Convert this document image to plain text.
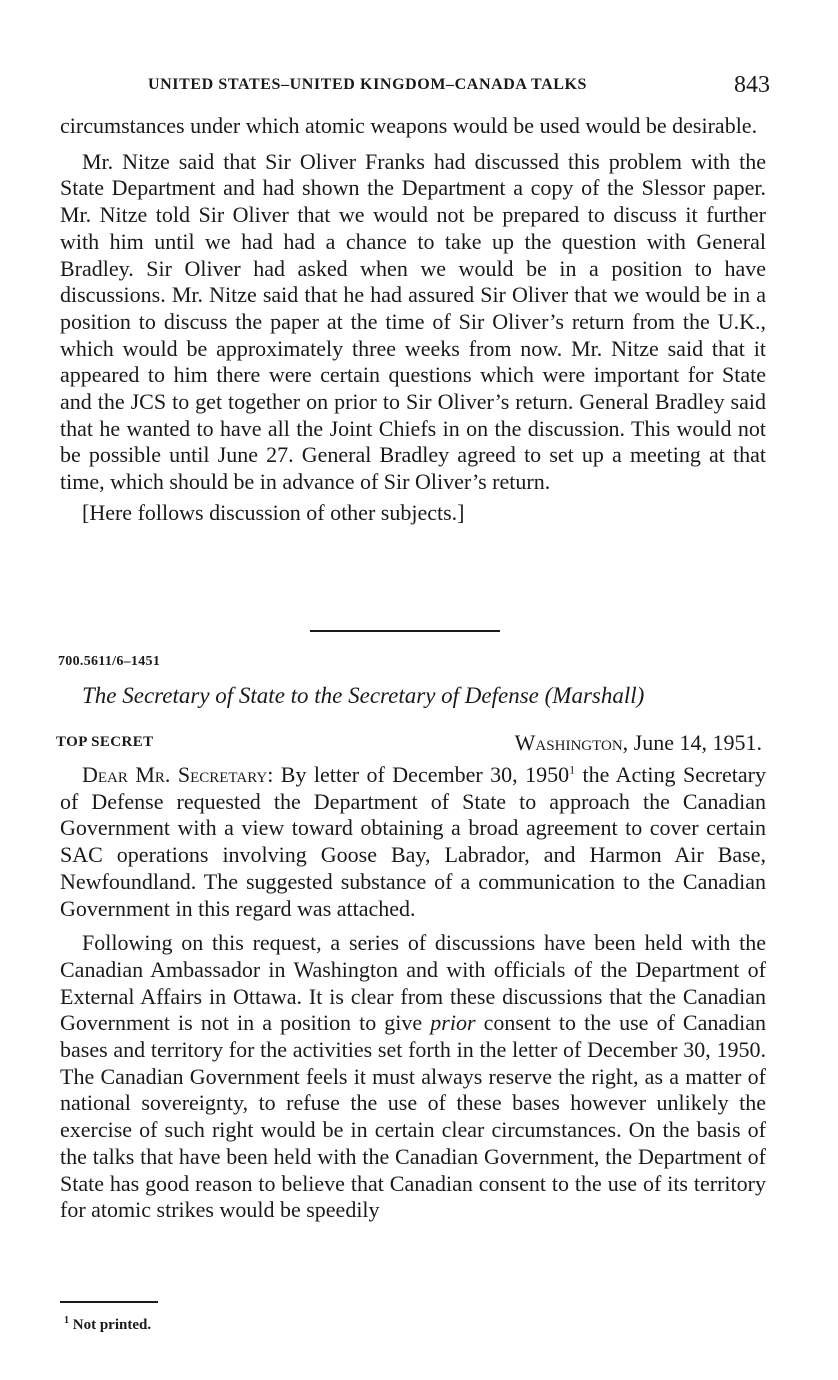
UNITED STATES–UNITED KINGDOM–CANADA TALKS	843

circumstances under which atomic weapons would be used would be desirable.

Mr. Nitze said that Sir Oliver Franks had discussed this problem with the State Department and had shown the Department a copy of the Slessor paper. Mr. Nitze told Sir Oliver that we would not be prepared to discuss it further with him until we had had a chance to take up the question with General Bradley. Sir Oliver had asked when we would be in a position to have discussions. Mr. Nitze said that he had assured Sir Oliver that we would be in a position to discuss the paper at the time of Sir Oliver’s return from the U.K., which would be approximately three weeks from now. Mr. Nitze said that it appeared to him there were certain questions which were important for State and the JCS to get together on prior to Sir Oliver’s return. General Bradley said that he wanted to have all the Joint Chiefs in on the discussion. This would not be possible until June 27. General Bradley agreed to set up a meeting at that time, which should be in advance of Sir Oliver’s return.

[Here follows discussion of other subjects.]
700.5611/6–1451
The Secretary of State to the Secretary of Defense (Marshall)
TOP SECRET	Washington, June 14, 1951.

Dear Mr. Secretary: By letter of December 30, 1950$^1$ the Acting Secretary of Defense requested the Department of State to approach the Canadian Government with a view toward obtaining a broad agreement to cover certain SAC operations involving Goose Bay, Labrador, and Harmon Air Base, Newfoundland. The suggested substance of a communication to the Canadian Government in this regard was attached.

Following on this request, a series of discussions have been held with the Canadian Ambassador in Washington and with officials of the Department of External Affairs in Ottawa. It is clear from these discussions that the Canadian Government is not in a position to give prior consent to the use of Canadian bases and territory for the activities set forth in the letter of December 30, 1950. The Canadian Government feels it must always reserve the right, as a matter of national sovereignty, to refuse the use of these bases however unlikely the exercise of such right would be in certain clear circumstances. On the basis of the talks that have been held with the Canadian Government, the Department of State has good reason to believe that Canadian consent to the use of its territory for atomic strikes would be speedily

$^1$ Not printed.
